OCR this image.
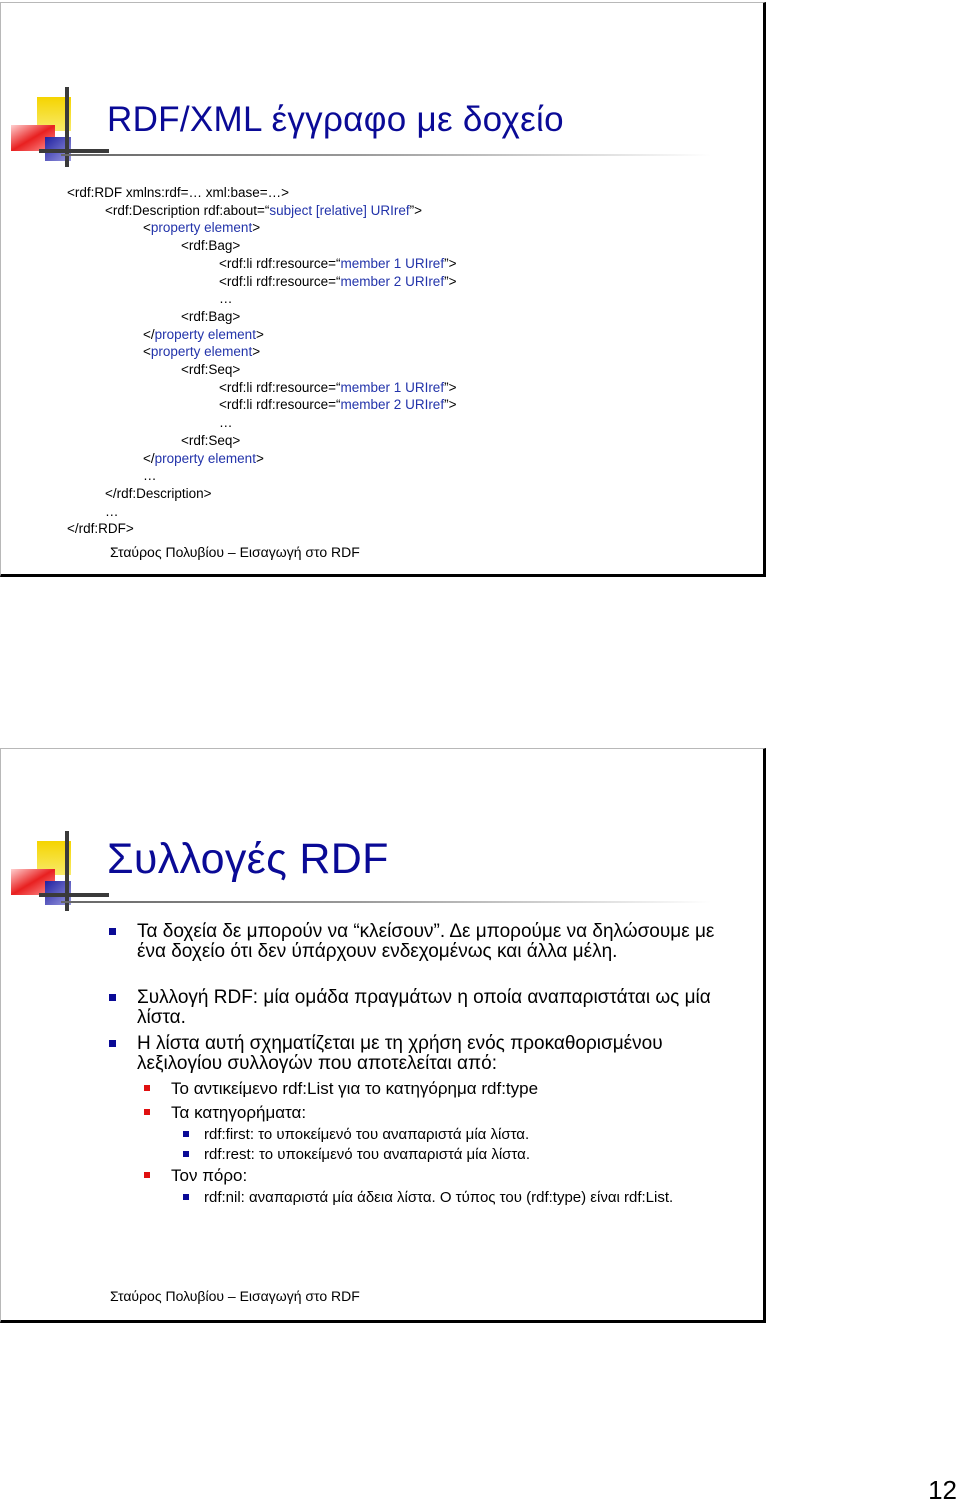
RDF/XML έγγραφο με δοχείο
<rdf:RDF xmlns:rdf=… xml:base=…>
<rdf:Description rdf:about=“subject [relative] URIref”>
<property element>
<rdf:Bag>
<rdf:li rdf:resource=“member 1 URIref”>
<rdf:li rdf:resource=“member 2 URIref”>
…
<rdf:Bag>
</property element>
<property element>
<rdf:Seq>
<rdf:li rdf:resource=“member 1 URIref”>
<rdf:li rdf:resource=“member 2 URIref”>
…
<rdf:Seq>
</property element>
…
</rdf:Description>
…
</rdf:RDF>
Σταύρος Πολυβίου – Εισαγωγή στο RDF
Συλλογές RDF
Τα δοχεία δε μπορούν να “κλείσουν”. Δε μπορούμε να δηλώσουμε με ένα δοχείο ότι δεν ύπάρχουν ενδεχομένως και άλλα μέλη.
Συλλογή RDF: μία ομάδα πραγμάτων η οποία αναπαριστάται ως μία λίστα.
Η λίστα αυτή σχηματίζεται με τη χρήση ενός προκαθορισμένου λεξιλογίου συλλογών που αποτελείται από:
Το αντικείμενο rdf:List για το κατηγόρημα rdf:type
Τα κατηγορήματα:
rdf:first: το υποκείμενό του αναπαριστά μία λίστα.
rdf:rest: το υποκείμενό του αναπαριστά μία λίστα.
Τον πόρο:
rdf:nil: αναπαριστά μία άδεια λίστα. Ο τύπος του (rdf:type) είναι rdf:List.
Σταύρος Πολυβίου – Εισαγωγή στο RDF
12
